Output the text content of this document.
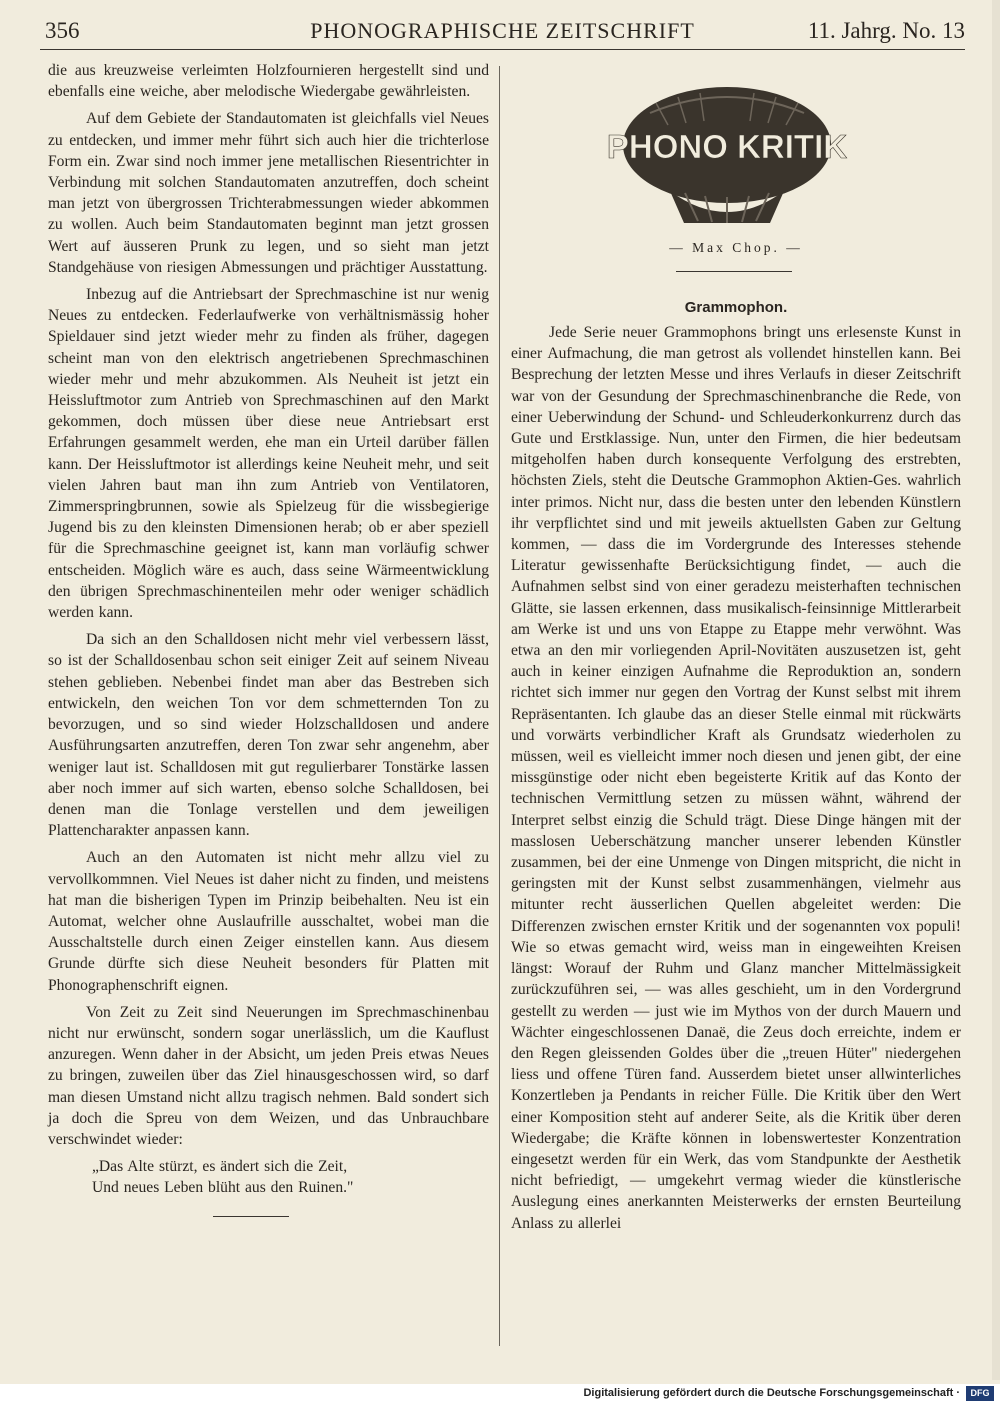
356	PHONOGRAPHISCHE ZEITSCHRIFT	11. Jahrg. No. 13

die aus kreuzweise verleimten Holzfournieren hergestellt sind und ebenfalls eine weiche, aber melodische Wiedergabe gewährleisten.

Auf dem Gebiete der Standautomaten ist gleichfalls viel Neues zu entdecken, und immer mehr führt sich auch hier die trichterlose Form ein. Zwar sind noch immer jene metallischen Riesentrichter in Verbindung mit solchen Standautomaten anzutreffen, doch scheint man jetzt von übergrossen Trichterabmessungen wieder abkommen zu wollen. Auch beim Standautomaten beginnt man jetzt grossen Wert auf äusseren Prunk zu legen, und so sieht man jetzt Standgehäuse von riesigen Abmessungen und prächtiger Ausstattung.

Inbezug auf die Antriebsart der Sprechmaschine ist nur wenig Neues zu entdecken. Federlaufwerke von verhältnismässig hoher Spieldauer sind jetzt wieder mehr zu finden als früher, dagegen scheint man von den elektrisch angetriebenen Sprechmaschinen wieder mehr und mehr abzukommen. Als Neuheit ist jetzt ein Heissluftmotor zum Antrieb von Sprechmaschinen auf den Markt gekommen, doch müssen über diese neue Antriebsart erst Erfahrungen gesammelt werden, ehe man ein Urteil darüber fällen kann. Der Heissluftmotor ist allerdings keine Neuheit mehr, und seit vielen Jahren baut man ihn zum Antrieb von Ventilatoren, Zimmerspringbrunnen, sowie als Spielzeug für die wissbegierige Jugend bis zu den kleinsten Dimensionen herab; ob er aber speziell für die Sprechmaschine geeignet ist, kann man vorläufig schwer entscheiden. Möglich wäre es auch, dass seine Wärmeentwicklung den übrigen Sprechmaschinenteilen mehr oder weniger schädlich werden kann.

Da sich an den Schalldosen nicht mehr viel verbessern lässt, so ist der Schalldosenbau schon seit einiger Zeit auf seinem Niveau stehen geblieben. Nebenbei findet man aber das Bestreben sich entwickeln, den weichen Ton vor dem schmetternden Ton zu bevorzugen, und so sind wieder Holzschalldosen und andere Ausführungsarten anzutreffen, deren Ton zwar sehr angenehm, aber weniger laut ist. Schalldosen mit gut regulierbarer Tonstärke lassen aber noch immer auf sich warten, ebenso solche Schalldosen, bei denen man die Tonlage verstellen und dem jeweiligen Plattencharakter anpassen kann.

Auch an den Automaten ist nicht mehr allzu viel zu vervollkommnen. Viel Neues ist daher nicht zu finden, und meistens hat man die bisherigen Typen im Prinzip beibehalten. Neu ist ein Automat, welcher ohne Auslaufrille ausschaltet, wobei man die Ausschaltstelle durch einen Zeiger einstellen kann. Aus diesem Grunde dürfte sich diese Neuheit besonders für Platten mit Phonographenschrift eignen.

Von Zeit zu Zeit sind Neuerungen im Sprechmaschinenbau nicht nur erwünscht, sondern sogar unerlässlich, um die Kauflust anzuregen. Wenn daher in der Absicht, um jeden Preis etwas Neues zu bringen, zuweilen über das Ziel hinausgeschossen wird, so darf man diesen Umstand nicht allzu tragisch nehmen. Bald sondert sich ja doch die Spreu von dem Weizen, und das Unbrauchbare verschwindet wieder:

„Das Alte stürzt, es ändert sich die Zeit,
Und neues Leben blüht aus den Ruinen."
PHONO KRITIK
— Max Chop. —
Grammophon.

Jede Serie neuer Grammophons bringt uns erlesenste Kunst in einer Aufmachung, die man getrost als vollendet hinstellen kann. Bei Besprechung der letzten Messe und ihres Verlaufs in dieser Zeitschrift war von der Gesundung der Sprechmaschinenbranche die Rede, von einer Ueberwindung der Schund- und Schleuderkonkurrenz durch das Gute und Erstklassige. Nun, unter den Firmen, die hier bedeutsam mitgeholfen haben durch konsequente Verfolgung des erstrebten, höchsten Ziels, steht die Deutsche Grammophon Aktien-Ges. wahrlich inter primos. Nicht nur, dass die besten unter den lebenden Künstlern ihr verpflichtet sind und mit jeweils aktuellsten Gaben zur Geltung kommen, — dass die im Vordergrunde des Interesses stehende Literatur gewissenhafte Berücksichtigung findet, — auch die Aufnahmen selbst sind von einer geradezu meisterhaften technischen Glätte, sie lassen erkennen, dass musikalisch-feinsinnige Mittlerarbeit am Werke ist und uns von Etappe zu Etappe mehr verwöhnt. Was etwa an den mir vorliegenden April-Novitäten auszusetzen ist, geht auch in keiner einzigen Aufnahme die Reproduktion an, sondern richtet sich immer nur gegen den Vortrag der Kunst selbst mit ihrem Repräsentanten. Ich glaube das an dieser Stelle einmal mit rückwärts und vorwärts verbindlicher Kraft als Grundsatz wiederholen zu müssen, weil es vielleicht immer noch diesen und jenen gibt, der eine missgünstige oder nicht eben begeisterte Kritik auf das Konto der technischen Vermittlung setzen zu müssen wähnt, während der Interpret selbst einzig die Schuld trägt. Diese Dinge hängen mit der masslosen Ueberschätzung mancher unserer lebenden Künstler zusammen, bei der eine Unmenge von Dingen mitspricht, die nicht in geringsten mit der Kunst selbst zusammenhängen, vielmehr aus mitunter recht äusserlichen Quellen abgeleitet werden: Die Differenzen zwischen ernster Kritik und der sogenannten vox populi! Wie so etwas gemacht wird, weiss man in eingeweihten Kreisen längst: Worauf der Ruhm und Glanz mancher Mittelmässigkeit zurückzuführen sei, — was alles geschieht, um in den Vordergrund gestellt zu werden — just wie im Mythos von der durch Mauern und Wächter eingeschlossenen Danaë, die Zeus doch erreichte, indem er den Regen gleissenden Goldes über die „treuen Hüter" niedergehen liess und offene Türen fand. Ausserdem bietet unser allwinterliches Konzertleben ja Pendants in reicher Fülle. Die Kritik über den Wert einer Komposition steht auf anderer Seite, als die Kritik über deren Wiedergabe; die Kräfte können in lobenswertester Konzentration eingesetzt werden für ein Werk, das vom Standpunkte der Aesthetik nicht befriedigt, — umgekehrt vermag wieder die künstlerische Auslegung eines anerkannten Meisterwerks der ernsten Beurteilung Anlass zu allerlei

Digitalisierung gefördert durch die Deutsche Forschungsgemeinschaft ·	DFG
